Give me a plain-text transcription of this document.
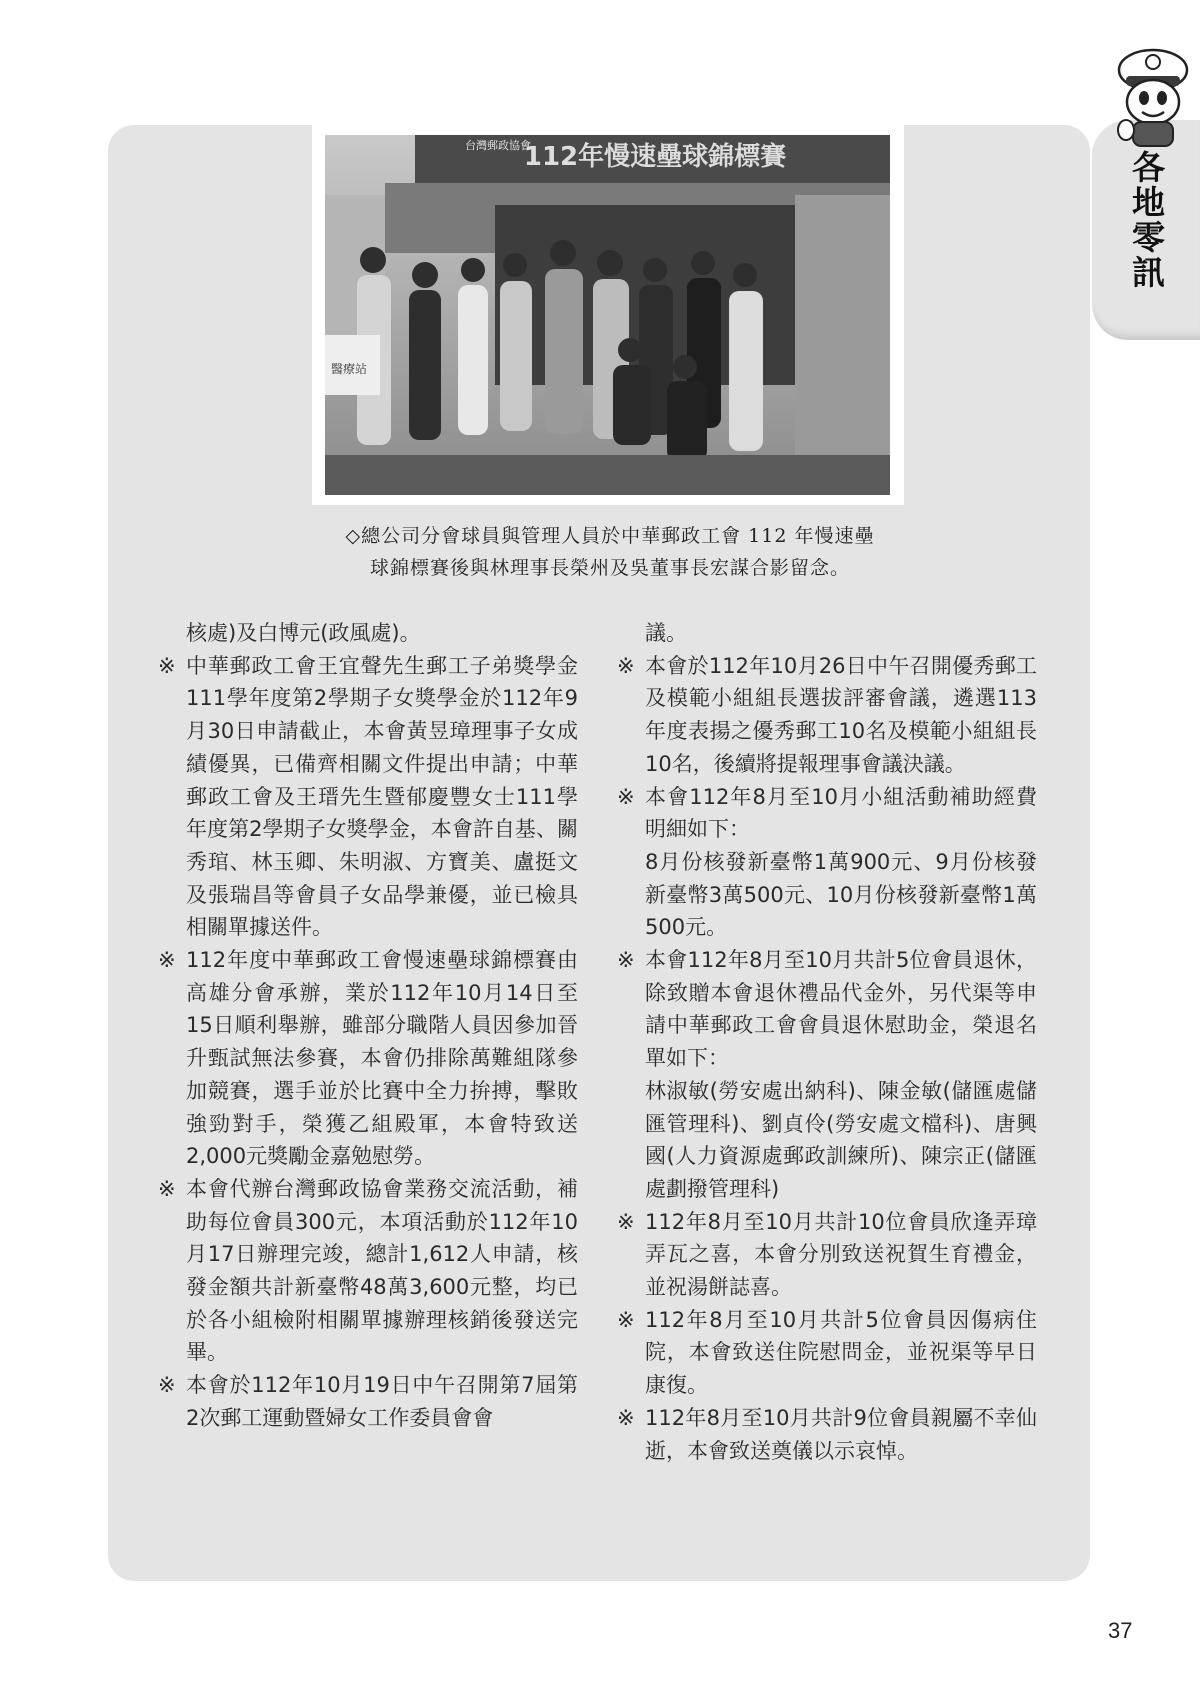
各地零訊
112年慢速壘球錦標賽
台灣郵政協會
醫療站
◇總公司分會球員與管理人員於中華郵政工會 112 年慢速壘
球錦標賽後與林理事長榮州及吳董事長宏謀合影留念。
核處)及白博元(政風處)。
※ 中華郵政工會王宜聲先生郵工子弟獎學金111學年度第2學期子女獎學金於112年9月30日申請截止，本會黃昱璋理事子女成績優異，已備齊相關文件提出申請；中華郵政工會及王瑨先生暨郁慶豐女士111學年度第2學期子女獎學金，本會許自基、關秀琯、林玉卿、朱明淑、方寶美、盧挺文及張瑞昌等會員子女品學兼優，並已檢具相關單據送件。
※ 112年度中華郵政工會慢速壘球錦標賽由高雄分會承辦，業於112年10月14日至15日順利舉辦，雖部分職階人員因參加晉升甄試無法參賽，本會仍排除萬難組隊參加競賽，選手並於比賽中全力拚搏，擊敗強勁對手，榮獲乙組殿軍，本會特致送2,000元獎勵金嘉勉慰勞。
※ 本會代辦台灣郵政協會業務交流活動，補助每位會員300元，本項活動於112年10月17日辦理完竣，總計1,612人申請，核發金額共計新臺幣48萬3,600元整，均已於各小組檢附相關單據辦理核銷後發送完畢。
※ 本會於112年10月19日中午召開第7屆第2次郵工運動暨婦女工作委員會會
議。
※ 本會於112年10月26日中午召開優秀郵工及模範小組組長選拔評審會議，遴選113年度表揚之優秀郵工10名及模範小組組長10名，後續將提報理事會議決議。
※ 本會112年8月至10月小組活動補助經費明細如下：
8月份核發新臺幣1萬900元、9月份核發新臺幣3萬500元、10月份核發新臺幣1萬500元。
※ 本會112年8月至10月共計5位會員退休，除致贈本會退休禮品代金外，另代渠等申請中華郵政工會會員退休慰助金，榮退名單如下：
林淑敏(勞安處出納科)、陳金敏(儲匯處儲匯管理科)、劉貞伶(勞安處文檔科)、唐興國(人力資源處郵政訓練所)、陳宗正(儲匯處劃撥管理科)
※ 112年8月至10月共計10位會員欣逢弄璋弄瓦之喜，本會分別致送祝賀生育禮金，並祝湯餅誌喜。
※ 112年8月至10月共計5位會員因傷病住院，本會致送住院慰問金，並祝渠等早日康復。
※ 112年8月至10月共計9位會員親屬不幸仙逝，本會致送奠儀以示哀悼。
37
